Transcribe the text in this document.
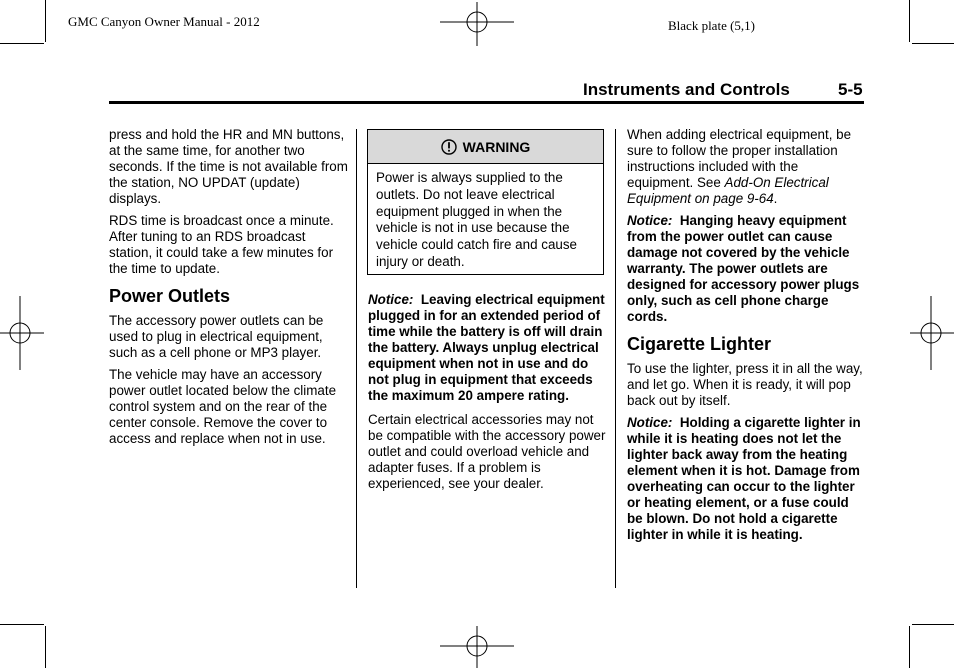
GMC Canyon Owner Manual - 2012	Black plate (5,1)
Instruments and Controls	5-5

press and hold the HR and MN buttons, at the same time, for another two seconds. If the time is not available from the station, NO UPDAT (update) displays.

RDS time is broadcast once a minute. After tuning to an RDS broadcast station, it could take a few minutes for the time to update.

Power Outlets

The accessory power outlets can be used to plug in electrical equipment, such as a cell phone or MP3 player.

The vehicle may have an accessory power outlet located below the climate control system and on the rear of the center console. Remove the cover to access and replace when not in use.

WARNING
Power is always supplied to the outlets. Do not leave electrical equipment plugged in when the vehicle is not in use because the vehicle could catch fire and cause injury or death.

Notice: Leaving electrical equipment plugged in for an extended period of time while the battery is off will drain the battery. Always unplug electrical equipment when not in use and do not plug in equipment that exceeds the maximum 20 ampere rating.

Certain electrical accessories may not be compatible with the accessory power outlet and could overload vehicle and adapter fuses. If a problem is experienced, see your dealer.

When adding electrical equipment, be sure to follow the proper installation instructions included with the equipment. See Add-On Electrical Equipment on page 9-64.

Notice: Hanging heavy equipment from the power outlet can cause damage not covered by the vehicle warranty. The power outlets are designed for accessory power plugs only, such as cell phone charge cords.

Cigarette Lighter

To use the lighter, press it in all the way, and let go. When it is ready, it will pop back out by itself.

Notice: Holding a cigarette lighter in while it is heating does not let the lighter back away from the heating element when it is hot. Damage from overheating can occur to the lighter or heating element, or a fuse could be blown. Do not hold a cigarette lighter in while it is heating.
